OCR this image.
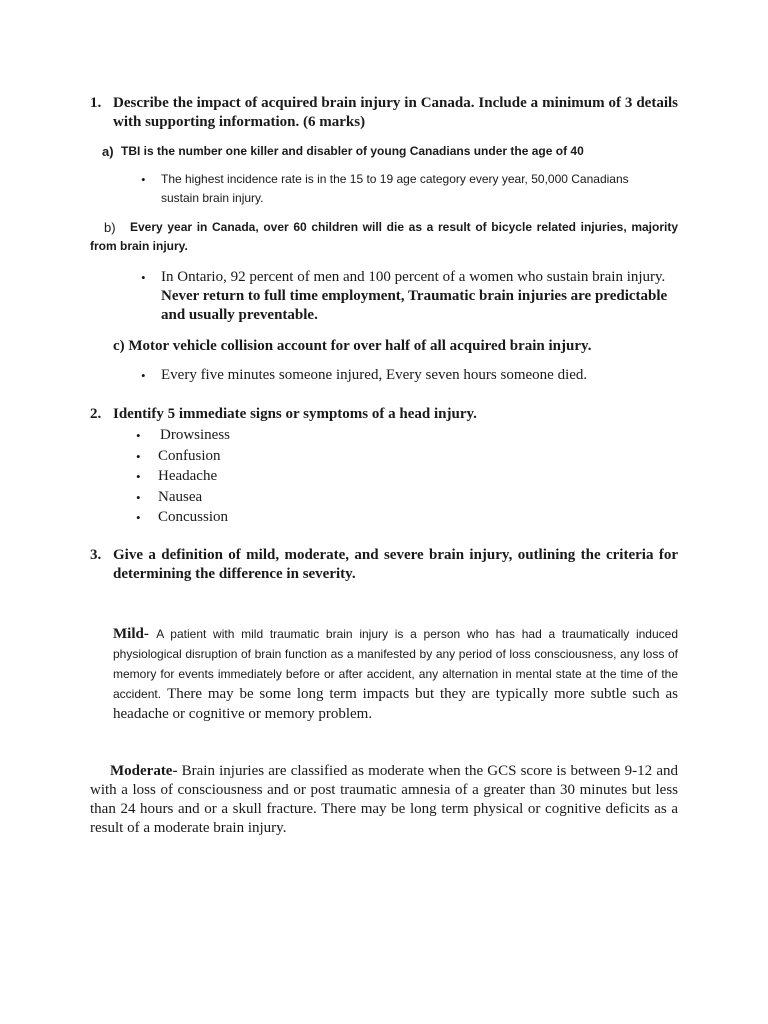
1. Describe the impact of acquired brain injury in Canada. Include a minimum of 3 details with supporting information. (6 marks)
a) TBI is the number one killer and disabler of young Canadians under the age of 40
• The highest incidence rate is in the 15 to 19 age category every year, 50,000 Canadians sustain brain injury.
b)	Every year in Canada, over 60 children will die as a result of bicycle related injuries, majority from brain injury.
• In Ontario, 92 percent of men and 100 percent of a women who sustain brain injury. Never return to full time employment, Traumatic brain injuries are predictable and usually preventable.
c) Motor vehicle collision account for over half of all acquired brain injury.
• Every five minutes someone injured, Every seven hours someone died.
2. Identify 5 immediate signs or symptoms of a head injury.
• Drowsiness
• Confusion
• Headache
• Nausea
• Concussion
3. Give a definition of mild, moderate, and severe brain injury, outlining the criteria for determining the difference in severity.
Mild- A patient with mild traumatic brain injury is a person who has had a traumatically induced physiological disruption of brain function as a manifested by any period of loss consciousness, any loss of memory for events immediately before or after accident, any alternation in mental state at the time of the accident. There may be some long term impacts but they are typically more subtle such as headache or cognitive or memory problem.
Moderate- Brain injuries are classified as moderate when the GCS score is between 9-12 and with a loss of consciousness and or post traumatic amnesia of a greater than 30 minutes but less than 24 hours and or a skull fracture. There may be long term physical or cognitive deficits as a result of a moderate brain injury.
